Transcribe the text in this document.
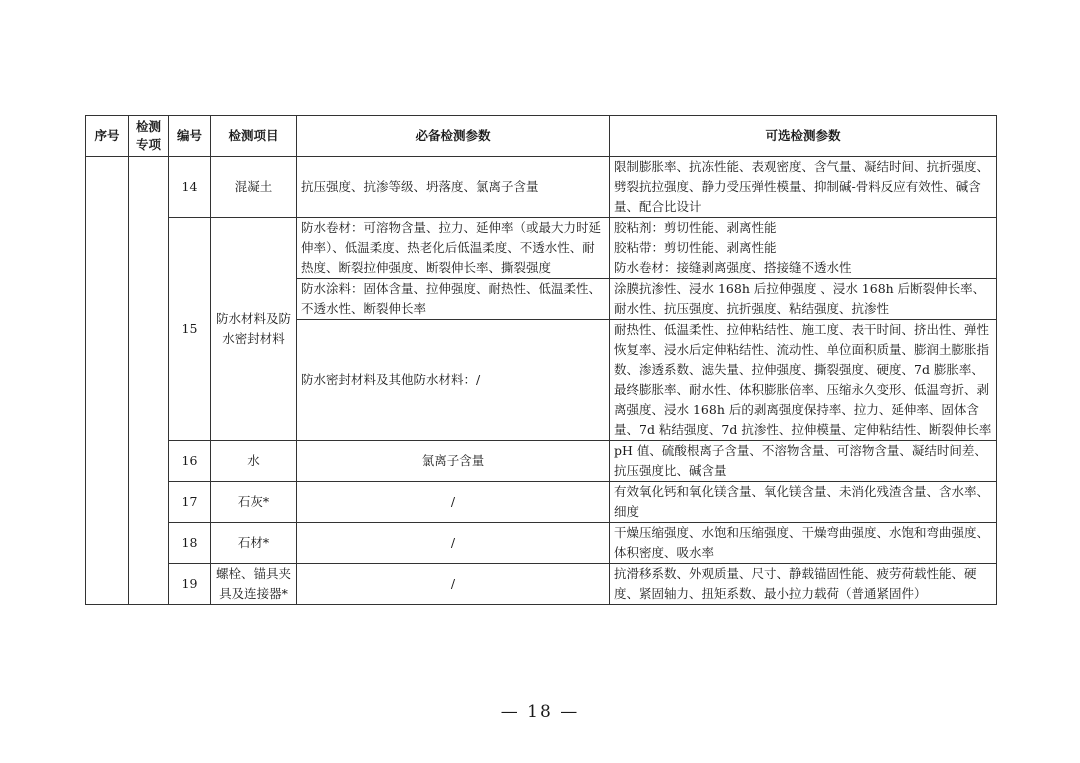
序号	检测专项	编号	检测项目	必备检测参数	可选检测参数
		14	混凝土	抗压强度、抗渗等级、坍落度、氯离子含量	限制膨胀率、抗冻性能、表观密度、含气量、凝结时间、抗折强度、劈裂抗拉强度、静力受压弹性模量、抑制碱-骨料反应有效性、碱含量、配合比设计
		15	防水材料及防水密封材料	防水卷材：可溶物含量、拉力、延伸率（或最大力时延伸率）、低温柔度、热老化后低温柔度、不透水性、耐热度、断裂拉伸强度、断裂伸长率、撕裂强度	胶粘剂：剪切性能、剥离性能
胶粘带：剪切性能、剥离性能
防水卷材：接缝剥离强度、搭接缝不透水性

				防水涂料：固体含量、拉伸强度、耐热性、低温柔性、不透水性、断裂伸长率	涂膜抗渗性、浸水 168h 后拉伸强度 、浸水 168h 后断裂伸长率、耐水性、抗压强度、抗折强度、粘结强度、抗渗性
				防水密封材料及其他防水材料：/	耐热性、低温柔性、拉伸粘结性、施工度、表干时间、挤出性、弹性恢复率、浸水后定伸粘结性、流动性、单位面积质量、膨润土膨胀指数、渗透系数、滤失量、拉伸强度、撕裂强度、硬度、7d 膨胀率、最终膨胀率、耐水性、体积膨胀倍率、压缩永久变形、低温弯折、剥离强度、浸水 168h 后的剥离强度保持率、拉力、延伸率、固体含量、7d 粘结强度、7d 抗渗性、拉伸模量、定伸粘结性、断裂伸长率
		16	水	氯离子含量	pH 值、硫酸根离子含量、不溶物含量、可溶物含量、凝结时间差、 抗压强度比、碱含量
		17	石灰*	/	有效氧化钙和氧化镁含量、氧化镁含量、未消化残渣含量、含水率、细度
		18	石材*	/	干燥压缩强度、水饱和压缩强度、干燥弯曲强度、水饱和弯曲强度、体积密度、吸水率
		19	螺栓、锚具夹具及连接器*	/	抗滑移系数、外观质量、尺寸、静载锚固性能、疲劳荷载性能、硬度、紧固轴力、扭矩系数、最小拉力载荷（普通紧固件）
— 18 —
